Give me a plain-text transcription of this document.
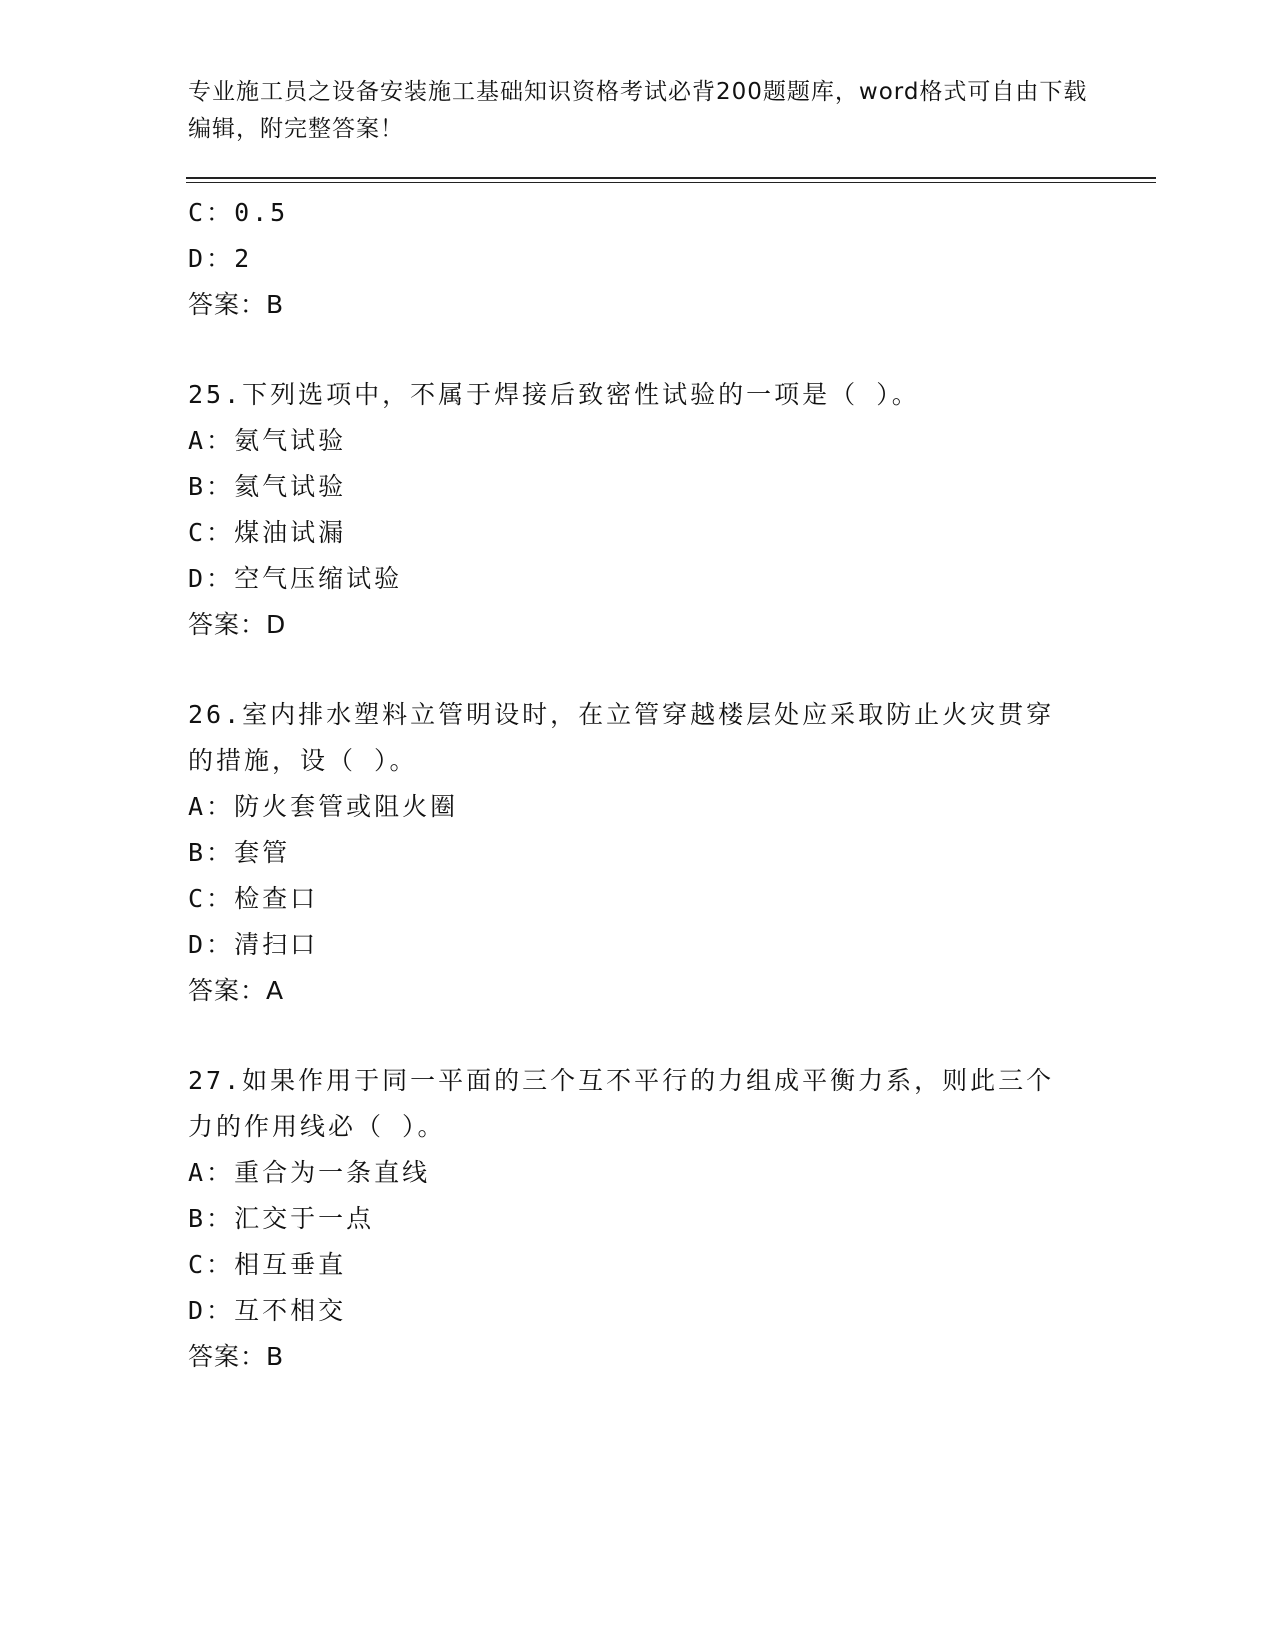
专业施工员之设备安装施工基础知识资格考试必背200题题库，word格式可自由下载编辑，附完整答案！
C：0.5
D：2
答案：B
25.下列选项中，不属于焊接后致密性试验的一项是（ ）。
A：氨气试验
B：氦气试验
C：煤油试漏
D：空气压缩试验
答案：D
26.室内排水塑料立管明设时，在立管穿越楼层处应采取防止火灾贯穿的措施，设（ ）。
A：防火套管或阻火圈
B：套管
C：检查口
D：清扫口
答案：A
27.如果作用于同一平面的三个互不平行的力组成平衡力系，则此三个力的作用线必（ ）。
A：重合为一条直线
B：汇交于一点
C：相互垂直
D：互不相交
答案：B
